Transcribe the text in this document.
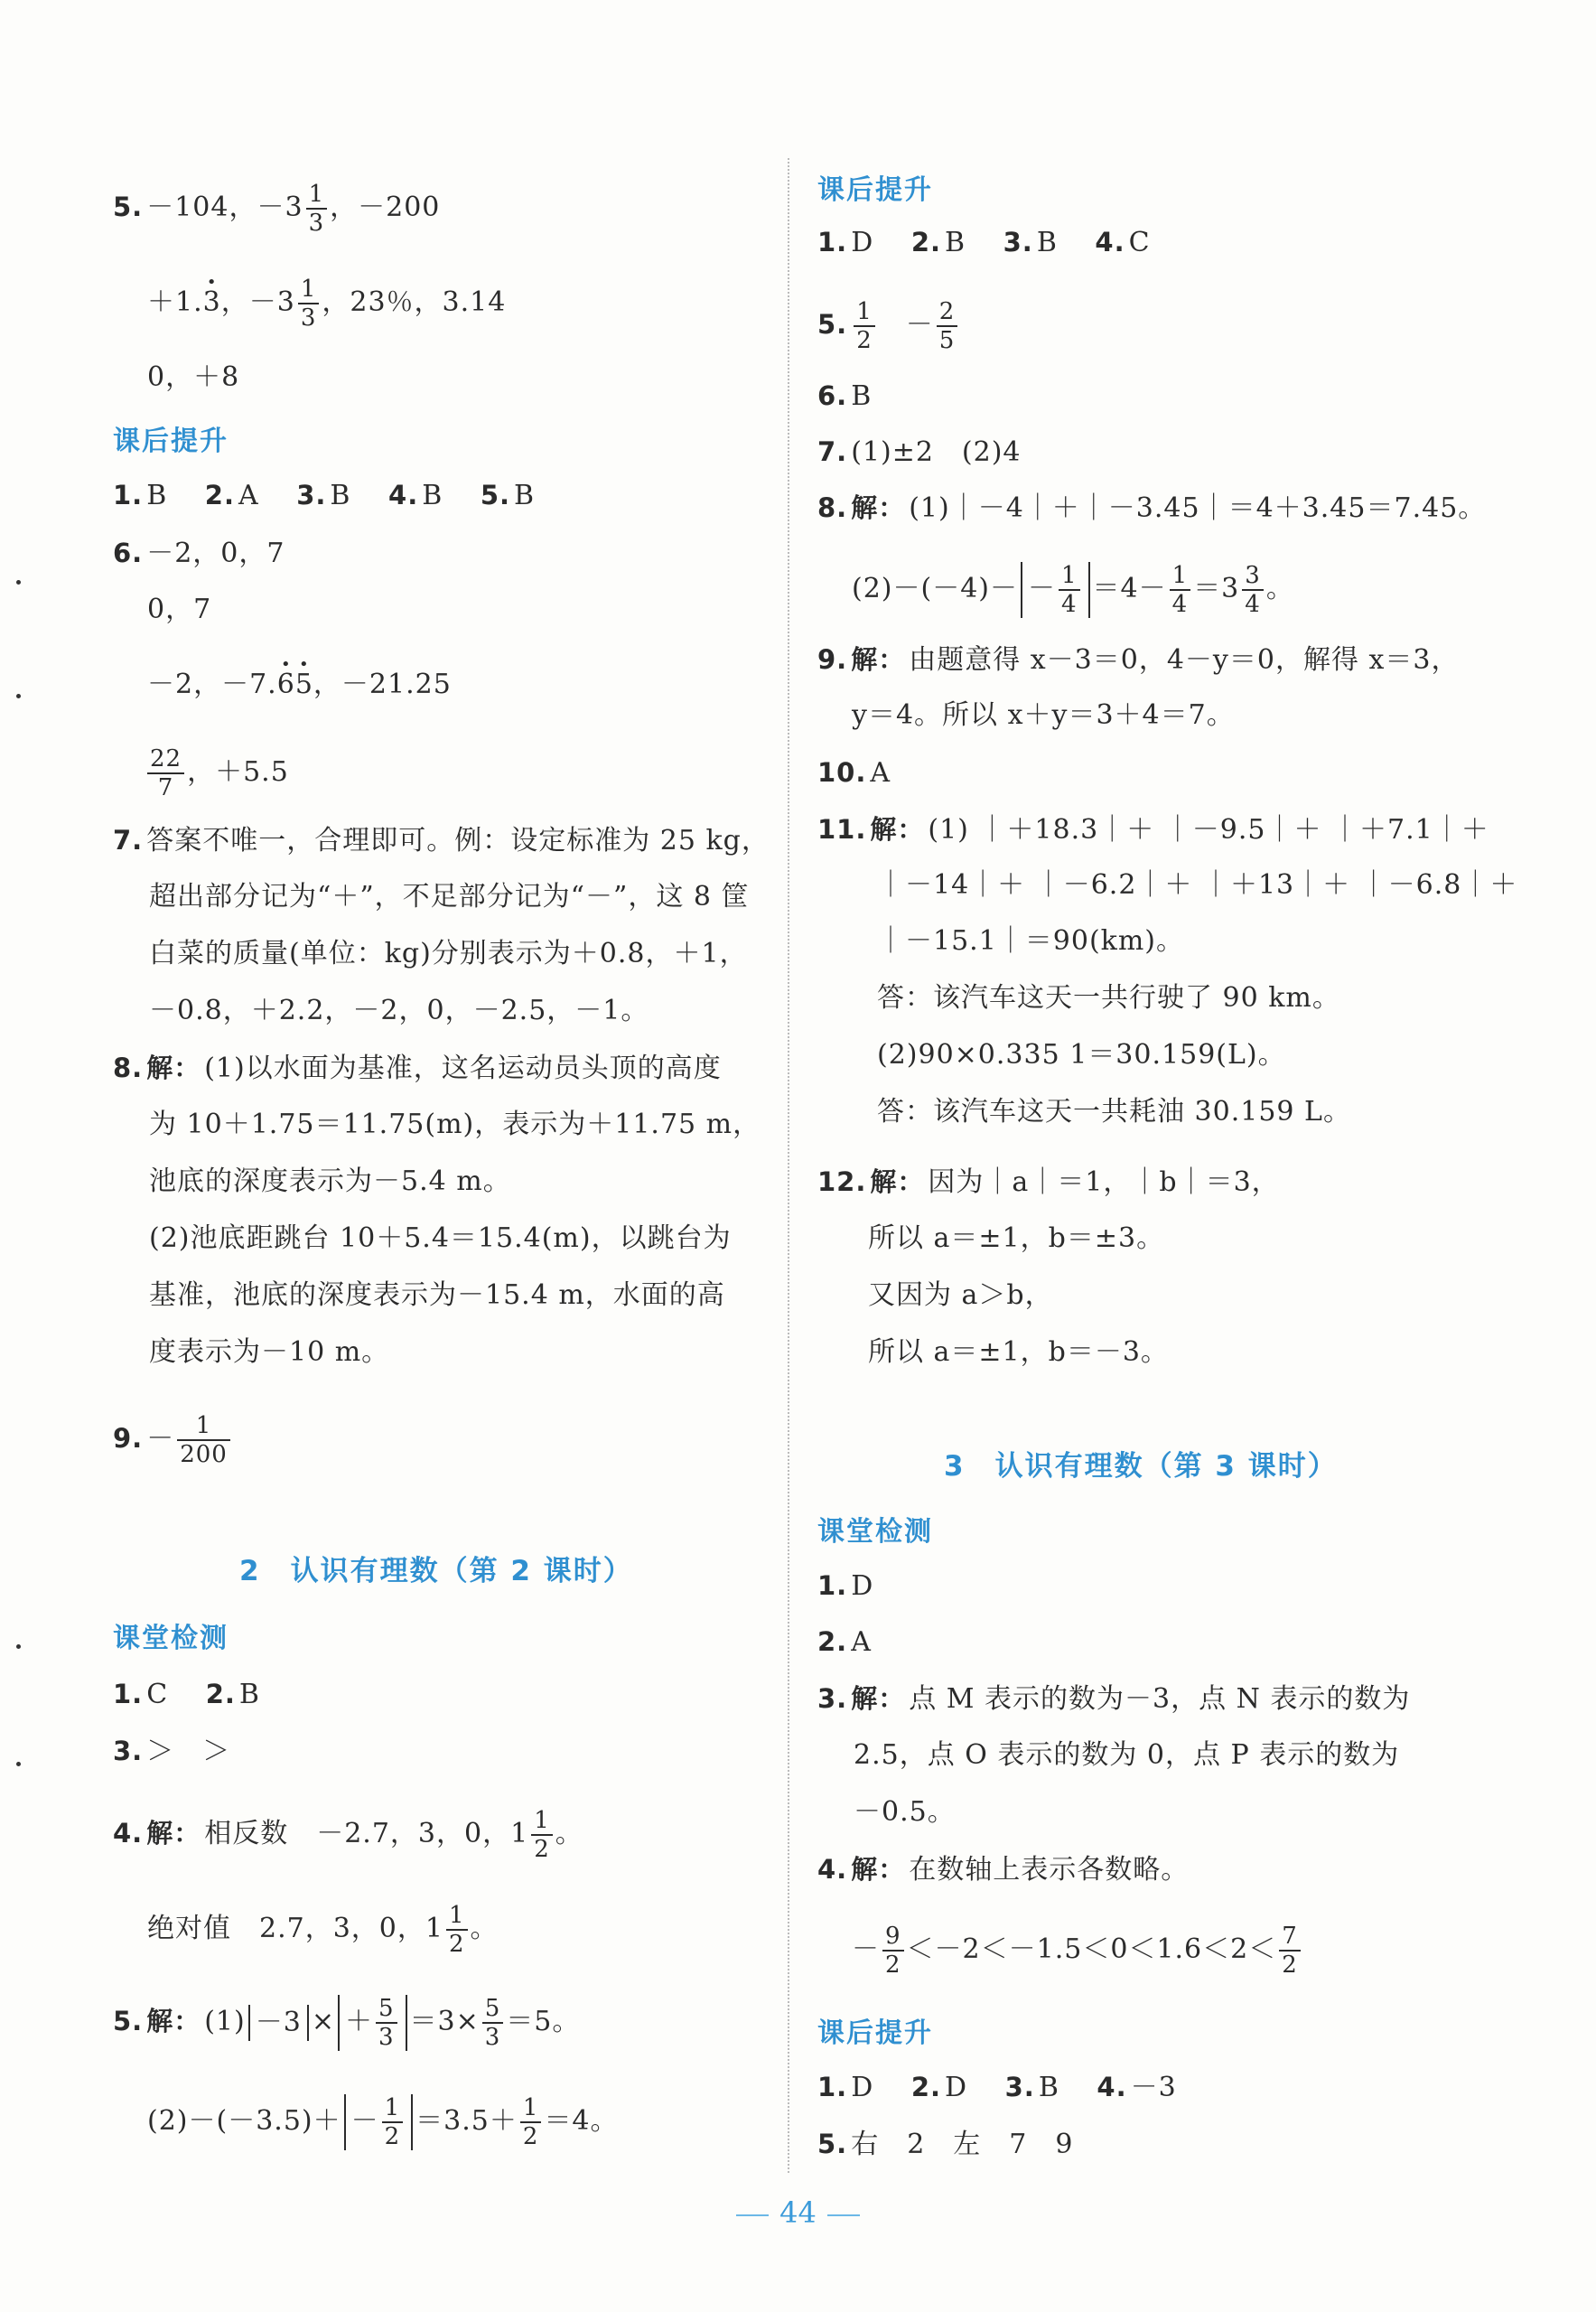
5. －104，$-3 \frac{1}{3}$ ，－200
＋1.• 3，$-3 \frac{1}{3}$ ，23％，3.14
0，＋8
课后提升
1. B  2. A  3. B  4. B  5. B
6. －2，0，7
0，7
－2，－7.• 6• 5，－21.25
$\frac{22}{7}$ ，＋5.5
7. 答案不唯一，合理即可。例：设定标准为 25 kg，
超出部分记为“＋”，不足部分记为“－”，这 8 筐
白菜的质量(单位：kg)分别表示为＋0.8，＋1，
－0.8，＋2.2，－2，0，－2.5，－1。
8. 解： (1)以水面为基准，这名运动员头顶的高度
为 10＋1.75＝11.75(m)，表示为＋11.75 m，
池底的深度表示为－5.4 m。
(2)池底距跳台 10＋5.4＝15.4(m)，以跳台为
基准，池底的深度表示为－15.4 m，水面的高
度表示为－10 m。
9. － $\frac{1}{200}$
2　认识有理数（第 2 课时）
课堂检测
1. C  2. B
3. ＞　＞
4. 解： 相反数　－2.7，3，0，$1 \frac{1}{2}$ 。
绝对值　2.7，3，0，$1 \frac{1}{2}$ 。
5. 解： (1) －3 × ＋ $\frac{5}{3} =3\times \frac{5}{3} =5$。
$(2)-(-3.5)+ - \frac{1}{2} =3.5+ \frac{1}{2} =4$。
课后提升
1. D  2. B  3. B  4. C
5. $\frac{1}{2}$
  － $\frac{2}{5}$
6. B
7. (1)±2　(2)4
8. 解： (1)｜－4｜＋｜－3.45｜＝4＋3.45＝7.45。
$(2)-(-4)- - \frac{1}{4} =4- \frac{1}{4} =3 \frac{3}{4}$ 。
9. 解： 由题意得 x－3＝0，4－y＝0，解得 x＝3，
y＝4。所以 x＋y＝3＋4＝7。
10. A
11. 解： (1) ｜＋18.3｜＋ ｜－9.5｜＋ ｜＋7.1｜＋
｜－14｜＋ ｜－6.2｜＋ ｜＋13｜＋ ｜－6.8｜＋
｜－15.1｜＝90(km)。
答：该汽车这天一共行驶了 90 km。
(2)90×0.335 1＝30.159(L)。
答：该汽车这天一共耗油 30.159 L。
12. 解： 因为｜a｜＝1，｜b｜＝3，
所以 a＝±1，b＝±3。
又因为 a＞b，
所以 a＝±1，b＝－3。
3　认识有理数（第 3 课时）
课堂检测
1. D
2. A
3. 解： 点 M 表示的数为－3，点 N 表示的数为
2.5，点 O 表示的数为 0，点 P 表示的数为
－0.5。
4. 解： 在数轴上表示各数略。
－ $\frac{9}{2} <-2<-1.5<0<1.6<2< \frac{7}{2}$
课后提升
1. D  2. D  3. B  4. －3
5. 右　2　左　7　9
44
